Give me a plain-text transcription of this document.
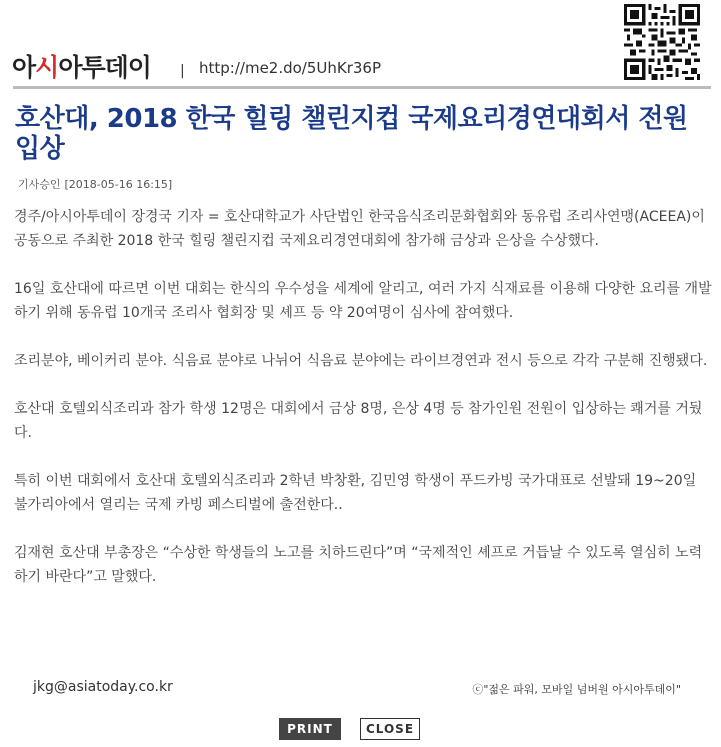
아시아투데이 | http://me2.do/5UhKr36P
호산대, 2018 한국 힐링 챌린지컵 국제요리경연대회서 전원 입상
기사승인 [2018-05-16 16:15]

경주/아시아투데이 장경국 기자 = 호산대학교가 사단법인 한국음식조리문화협회와 동유럽 조리사연맹(ACEEA)이 공동으로 주최한 2018 한국 힐링 챌린지컵 국제요리경연대회에 참가해 금상과 은상을 수상했다.

16일 호산대에 따르면 이번 대회는 한식의 우수성을 세계에 알리고, 여러 가지 식재료를 이용해 다양한 요리를 개발하기 위해 동유럽 10개국 조리사 협회장 및 셰프 등 약 20여명이 심사에 참여했다.

조리분야, 베이커리 분야. 식음료 분야로 나뉘어 식음료 분야에는 라이브경연과 전시 등으로 각각 구분해 진행됐다.

호산대 호텔외식조리과 참가 학생 12명은 대회에서 금상 8명, 은상 4명 등 참가인원 전원이 입상하는 쾌거를 거뒀다.

특히 이번 대회에서 호산대 호텔외식조리과 2학년 박창환, 김민영 학생이 푸드카빙 국가대표로 선발돼 19~20일 불가리아에서 열리는 국제 카빙 페스티벌에 출전한다..

김재현 호산대 부총장은 “수상한 학생들의 노고를 치하드린다”며 “국제적인 셰프로 거듭날 수 있도록 열심히 노력하기 바란다”고 말했다.

jkg@asiatoday.co.kr	ⓒ"젊은 파워, 모바일 넘버원 아시아투데이"
PRINT	CLOSE
